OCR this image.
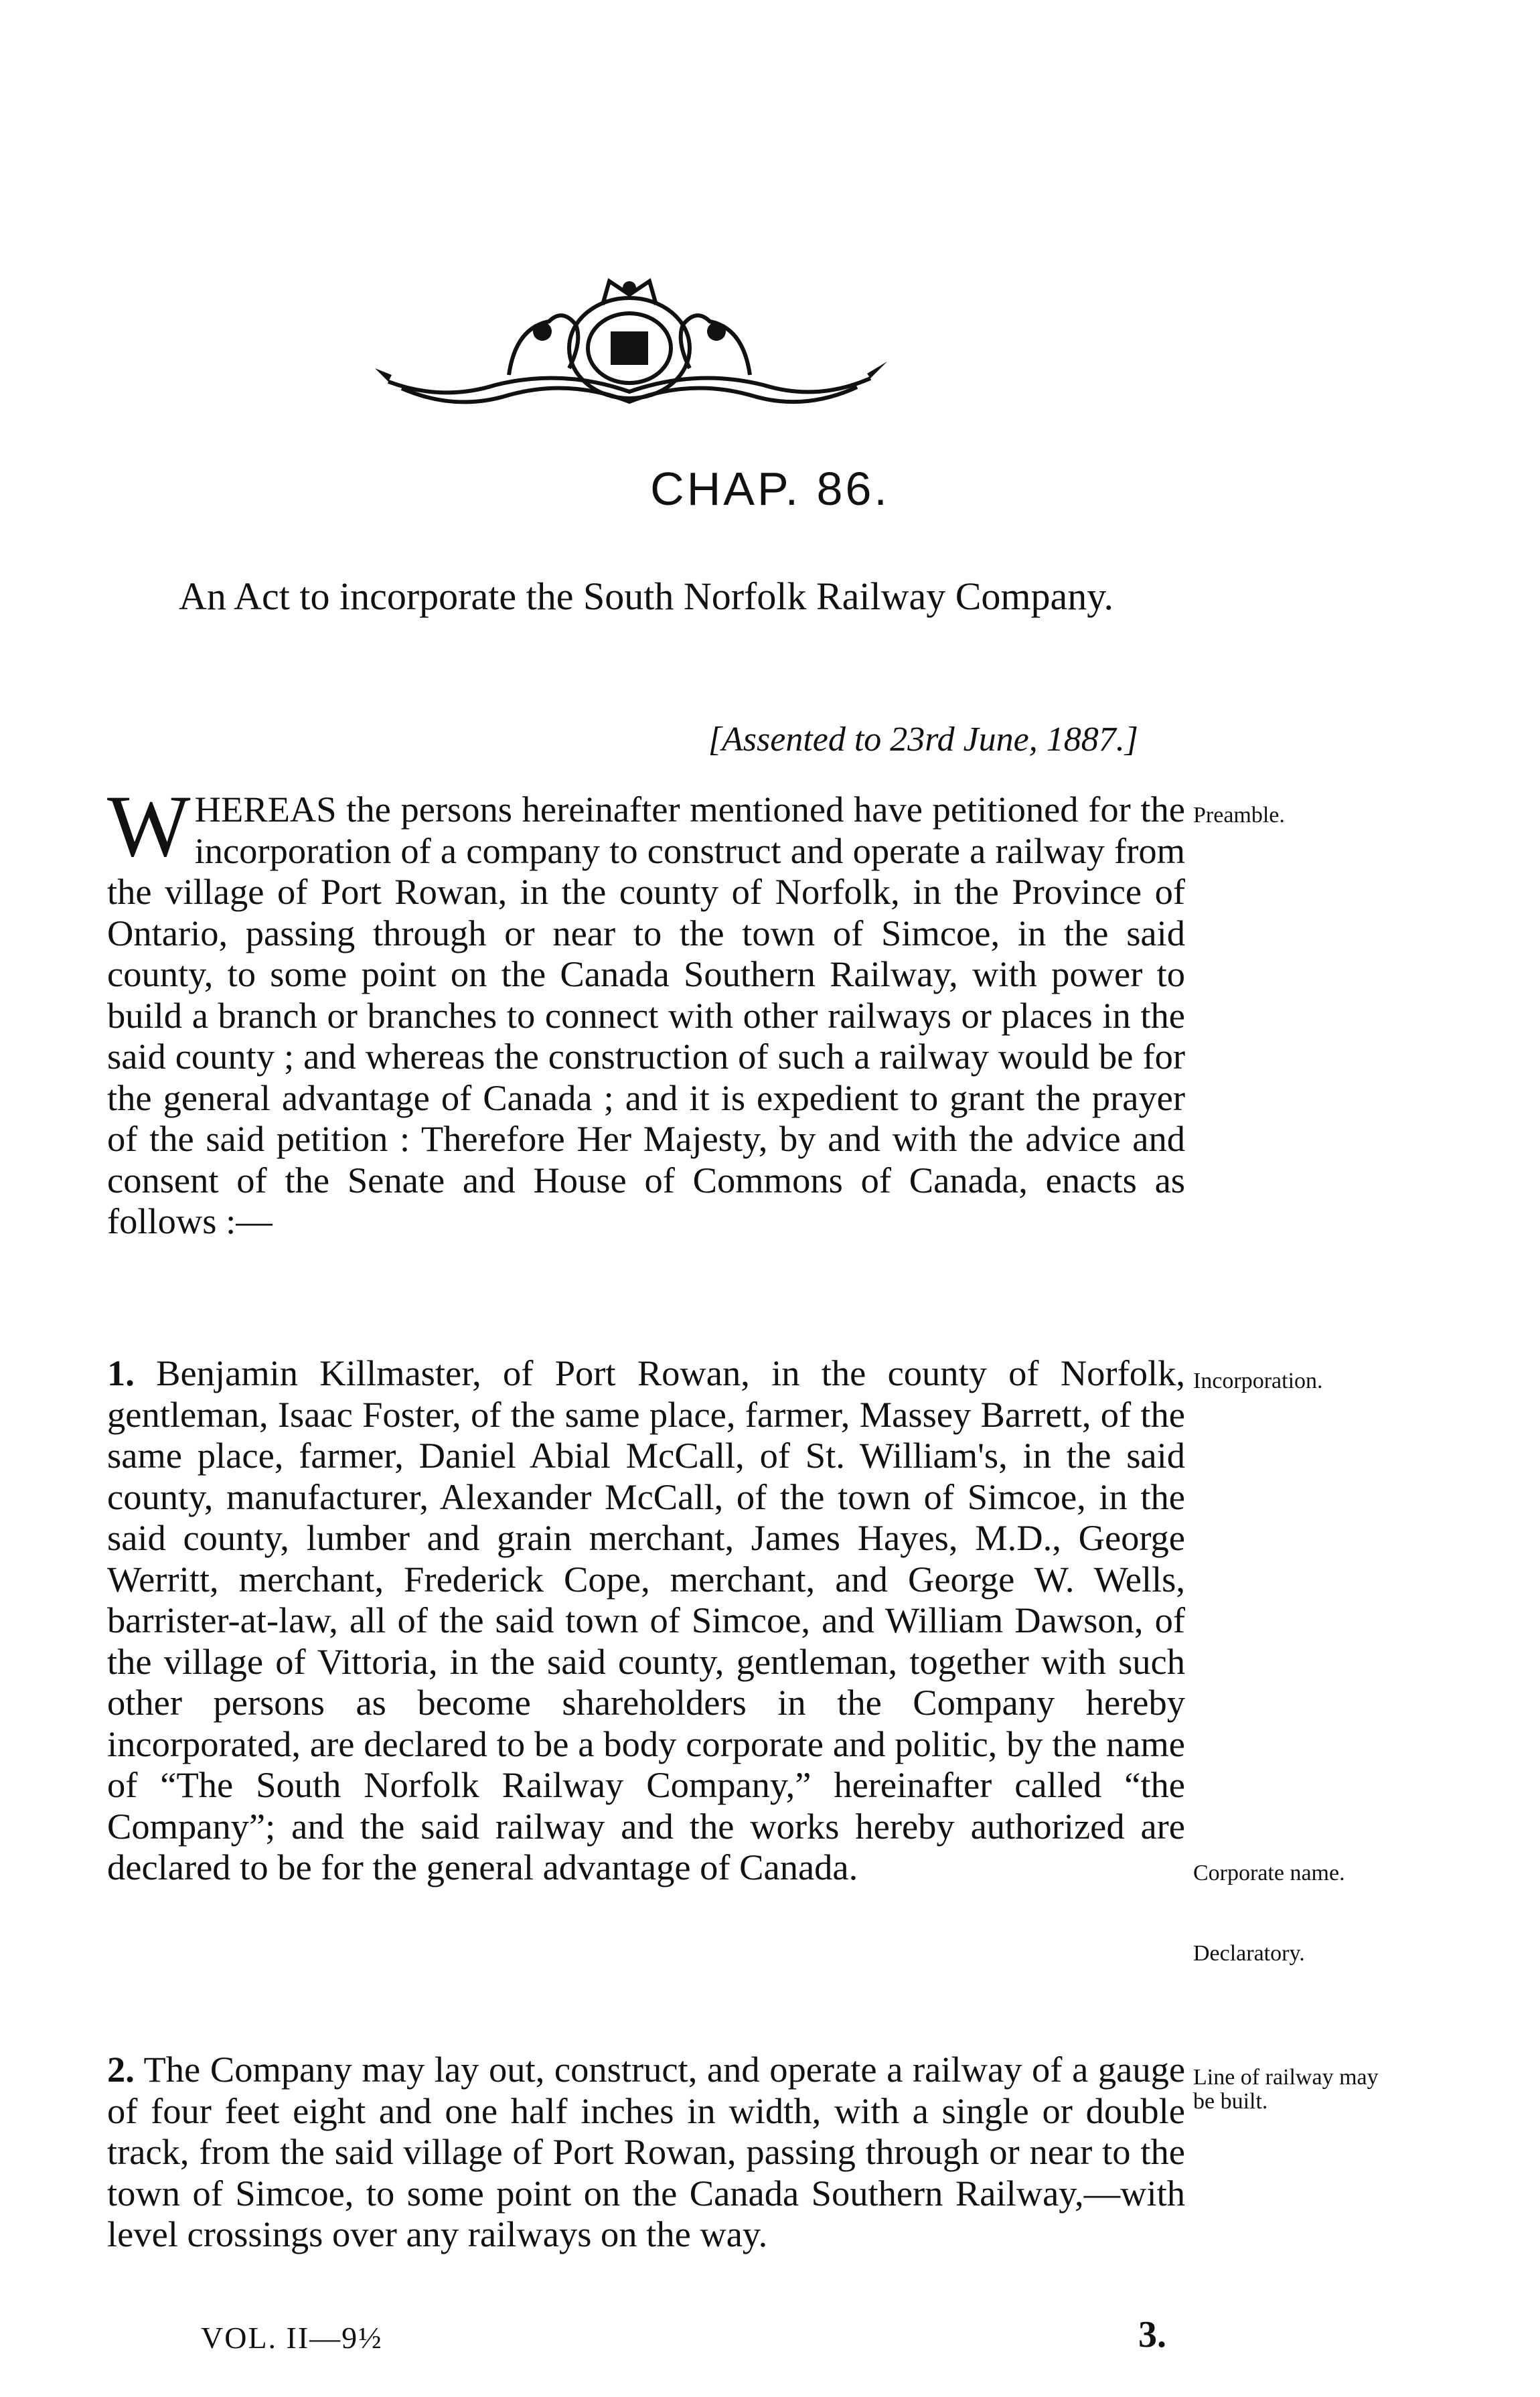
CHAP. 86.
An Act to incorporate the South Norfolk Railway Company.
[Assented to 23rd June, 1887.]

WHEREAS the persons hereinafter mentioned have petitioned for the incorporation of a company to construct and operate a railway from the village of Port Rowan, in the county of Norfolk, in the Province of Ontario, passing through or near to the town of Simcoe, in the said county, to some point on the Canada Southern Railway, with power to build a branch or branches to connect with other railways or places in the said county ; and whereas the construction of such a railway would be for the general advantage of Canada ; and it is expedient to grant the prayer of the said petition : Therefore Her Majesty, by and with the advice and consent of the Senate and House of Commons of Canada, enacts as follows :—

Preamble.

1. Benjamin Killmaster, of Port Rowan, in the county of Norfolk, gentleman, Isaac Foster, of the same place, farmer, Massey Barrett, of the same place, farmer, Daniel Abial McCall, of St. William's, in the said county, manufacturer, Alexander McCall, of the town of Simcoe, in the said county, lumber and grain merchant, James Hayes, M.D., George Werritt, merchant, Frederick Cope, merchant, and George W. Wells, barrister-at-law, all of the said town of Simcoe, and William Dawson, of the village of Vittoria, in the said county, gentleman, together with such other persons as become shareholders in the Company hereby incorporated, are declared to be a body corporate and politic, by the name of “The South Norfolk Railway Company,” hereinafter called “the Company”; and the said railway and the works hereby authorized are declared to be for the general advantage of Canada.

Incorporation.
Corporate name.
Declaratory.

2. The Company may lay out, construct, and operate a railway of a gauge of four feet eight and one half inches in width, with a single or double track, from the said village of Port Rowan, passing through or near to the town of Simcoe, to some point on the Canada Southern Railway,—with level crossings over any railways on the way.

Line of railway may be built.
VOL. II—9½	3.
